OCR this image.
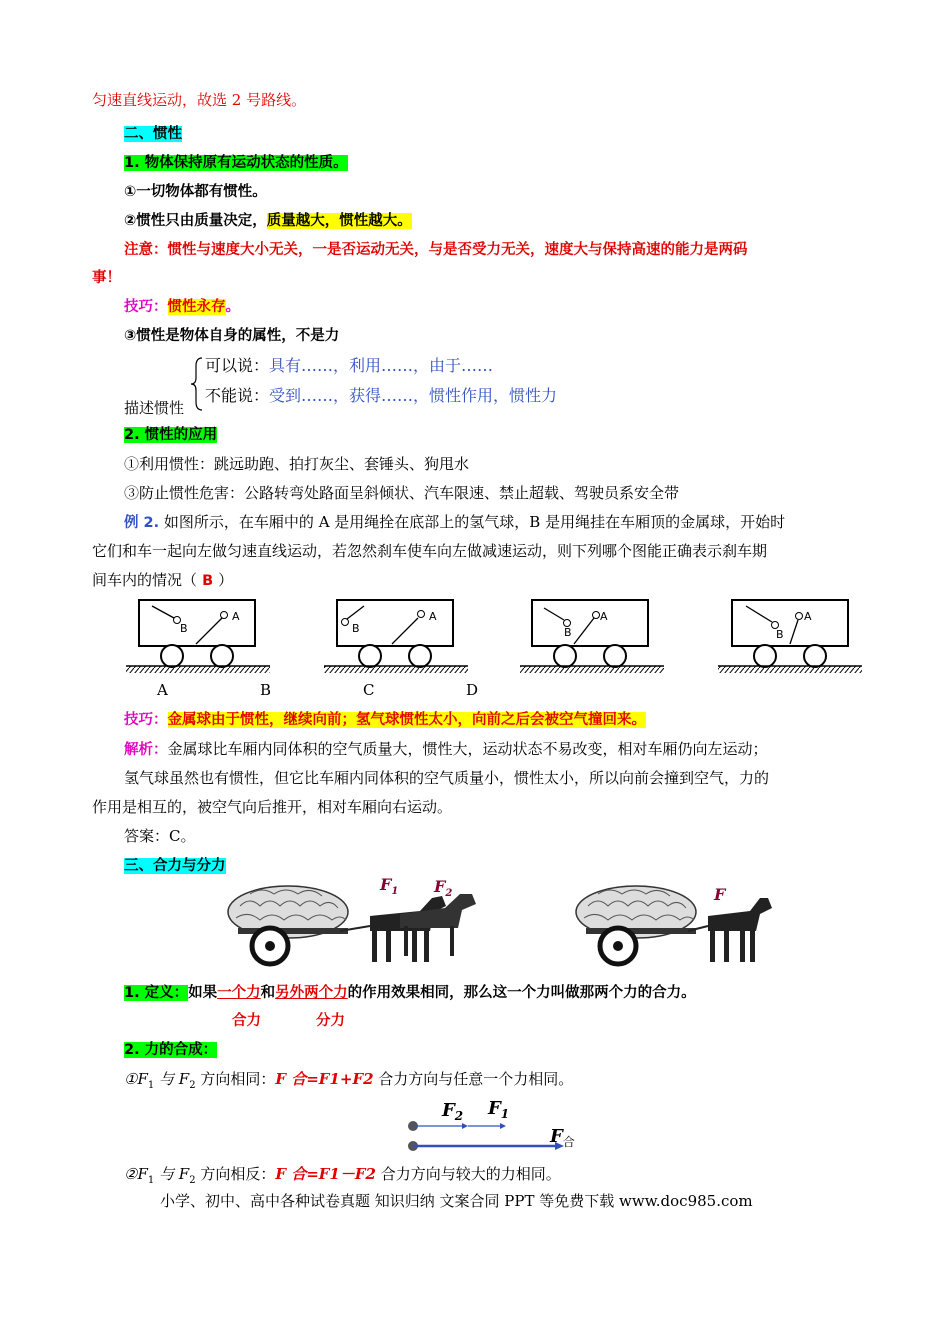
匀速直线运动，故选 2 号路线。
二、惯性
1. 物体保持原有运动状态的性质。
①一切物体都有惯性。
②惯性只由质量决定，质量越大，惯性越大。
注意：惯性与速度大小无关，一是否运动无关，与是否受力无关，速度大与保持高速的能力是两码
事！
技巧：惯性永存。
③惯性是物体自身的属性，不是力
描述惯性
可以说：具有……，利用……，由于……
不能说：受到……，获得……，惯性作用，惯性力
2. 惯性的应用
①利用惯性：跳远助跑、拍打灰尘、套锤头、狗甩水
③防止惯性危害：公路转弯处路面呈斜倾状、汽车限速、禁止超载、驾驶员系安全带
例 2. 如图所示，在车厢中的 A 是用绳拴在底部上的氢气球，B 是用绳挂在车厢顶的金属球，开始时
它们和车一起向左做匀速直线运动，若忽然刹车使车向左做减速运动，则下列哪个图能正确表示刹车期
间车内的情况（ B ）
B
A
B
A
B
A
B
A
A	B	C	D
技巧：金属球由于惯性，继续向前；氢气球惯性太小，向前之后会被空气撞回来。
解析：金属球比车厢内同体积的空气质量大，惯性大，运动状态不易改变，相对车厢仍向左运动；
氢气球虽然也有惯性，但它比车厢内同体积的空气质量小，惯性太小，所以向前会撞到空气，力的
作用是相互的，被空气向后推开，相对车厢向右运动。
答案：C。
三、合力与分力
$F_1$ $F_2$	F
1. 定义：如果一个力和另外两个力的作用效果相同，那么这一个力叫做那两个力的合力。
合力	分力
2. 力的合成：
$①F_1$ 与 $F_2$ 方向相同：F 合=F1+F2 合力方向与任意一个力相同。
$F_2$ $F_1$
$F_合$
$②F_1$ 与 $F_2$ 方向相反：F 合=F1－F2 合力方向与较大的力相同。
小学、初中、高中各种试卷真题 知识归纳 文案合同 PPT 等免费下载 www.doc985.com
